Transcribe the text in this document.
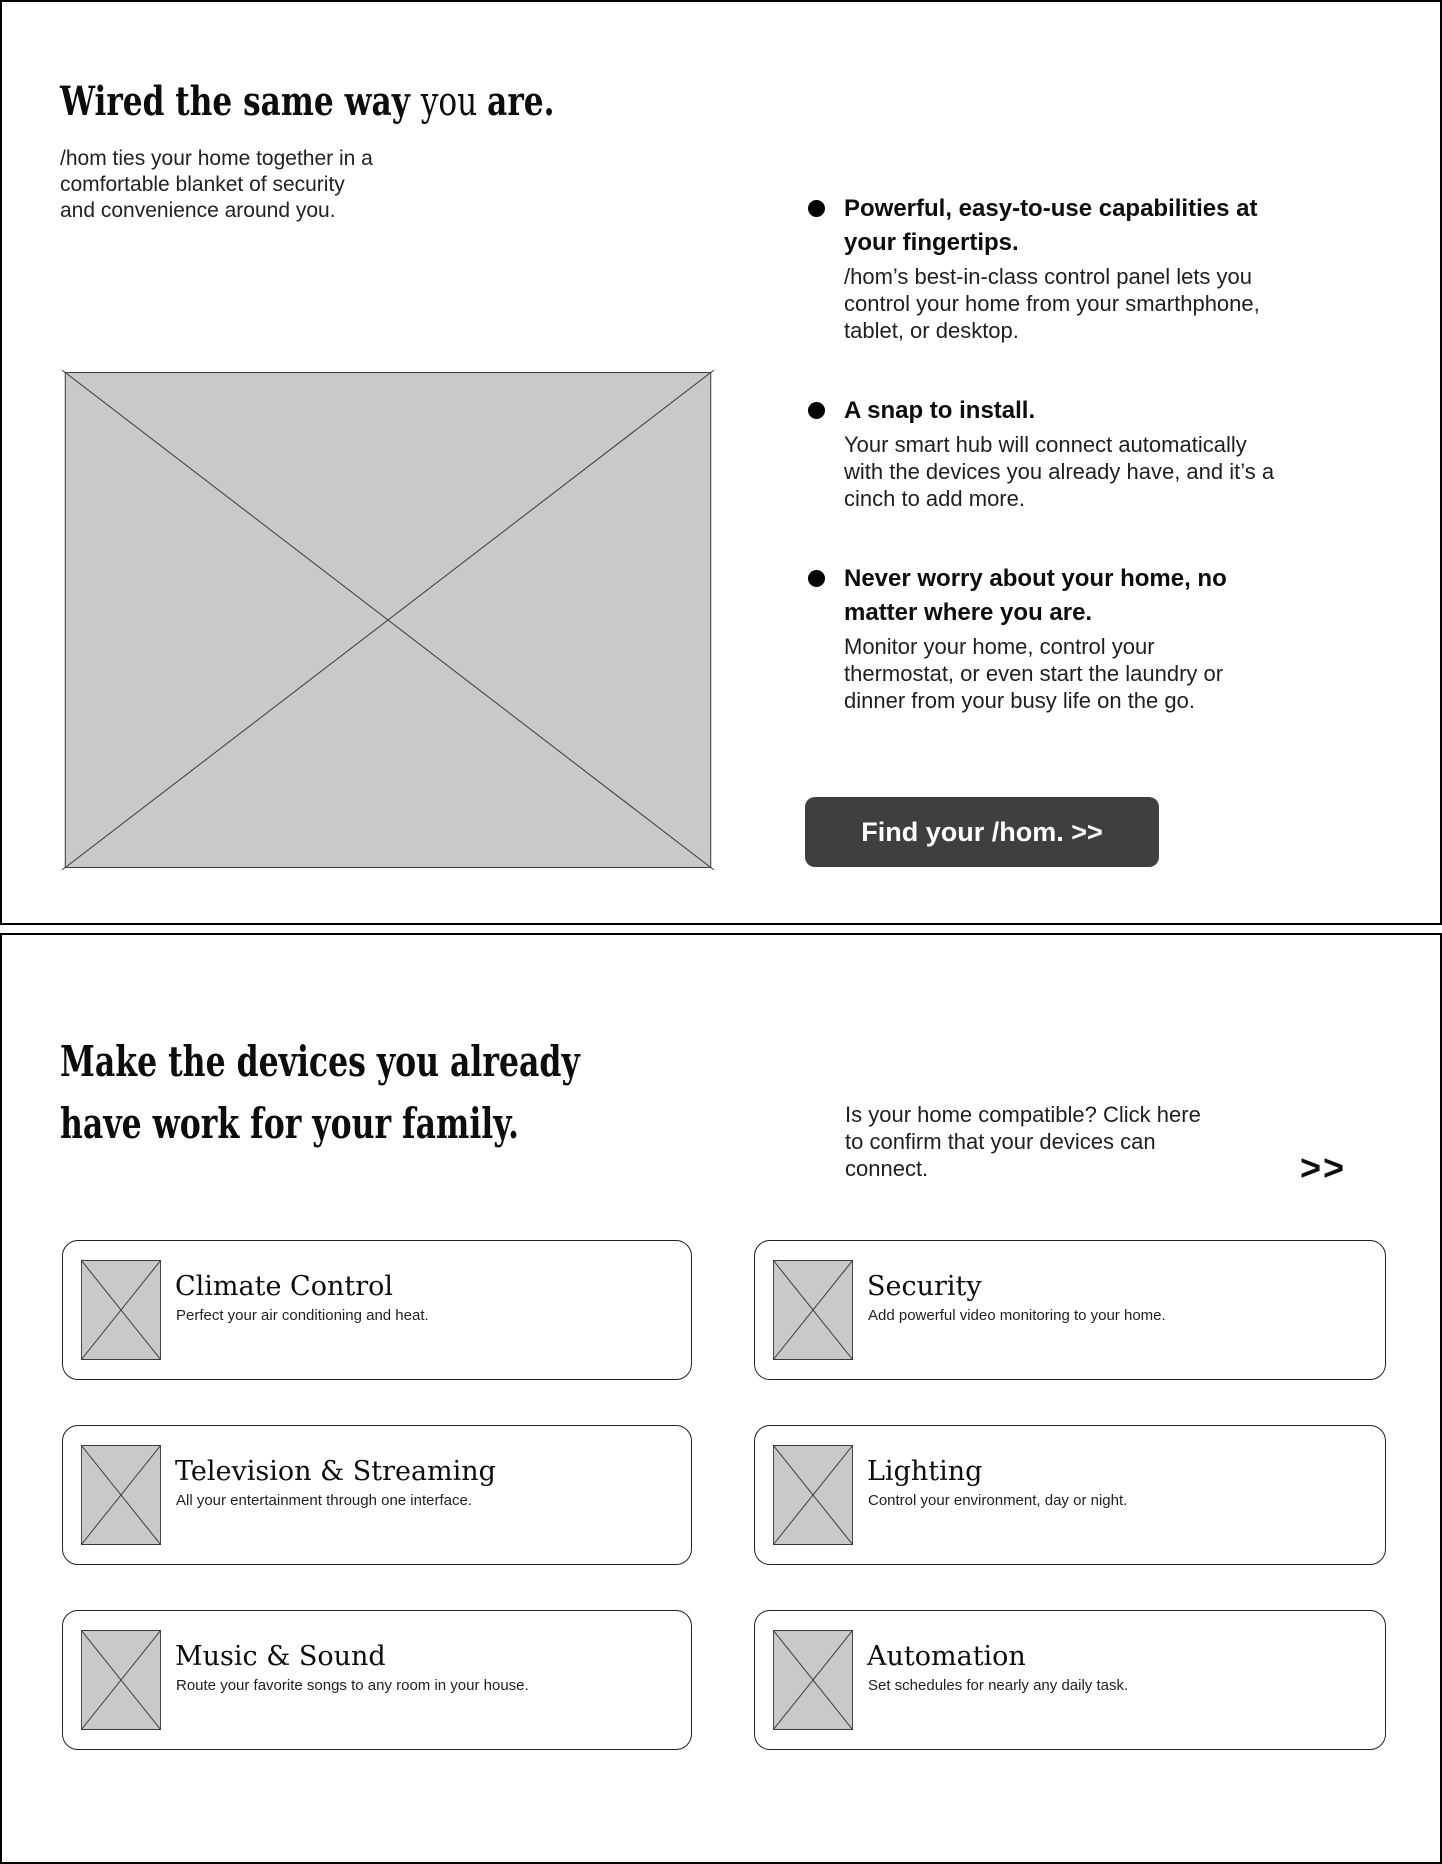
Wired the same way you are.

/hom ties your home together in a
comfortable blanket of security
and convenience around you.	Powerful, easy-to-use capabilities at
your fingertips.
/hom’s best-in-class control panel lets you
control your home from your smarthphone,
tablet, or desktop.
A snap to install.
Your smart hub will connect automatically
with the devices you already have, and it’s a
cinch to add more.
Never worry about your home, no
matter where you are.
Monitor your home, control your
thermostat, or even start the laundry or
dinner from your busy life on the go.
Find your /hom. >>
Make the devices you already
have work for your family.	Is your home compatible? Click here
to confirm that your devices can
connect.	>>
Climate Control
Perfect your air conditioning and heat.
Security
Add powerful video monitoring to your home.
Television & Streaming
All your entertainment through one interface.
Lighting
Control your environment, day or night.
Music & Sound
Route your favorite songs to any room in your house.
Automation
Set schedules for nearly any daily task.
